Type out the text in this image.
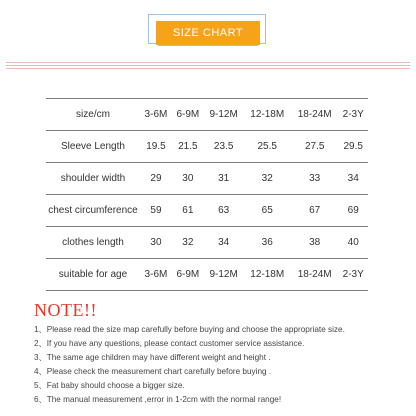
SIZE CHART
size/cm	3-6M	6-9M	9-12M	12-18M	18-24M	2-3Y
Sleeve Length	19.5	21.5	23.5	25.5	27.5	29.5
shoulder width	29	30	31	32	33	34
chest circumference	59	61	63	65	67	69
clothes length	30	32	34	36	38	40
suitable for age	3-6M	6-9M	9-12M	12-18M	18-24M	2-3Y
NOTE!!
1、Please read the size map carefully before buying and choose the appropriate size.
2、If you have any questions, please contact customer service assistance.
3、The same age children may have different weight and height .
4、Please check the measurement chart carefully before buying .
5、Fat baby should choose a bigger size.
6、The manual measurement ,error in 1-2cm with the normal range!
